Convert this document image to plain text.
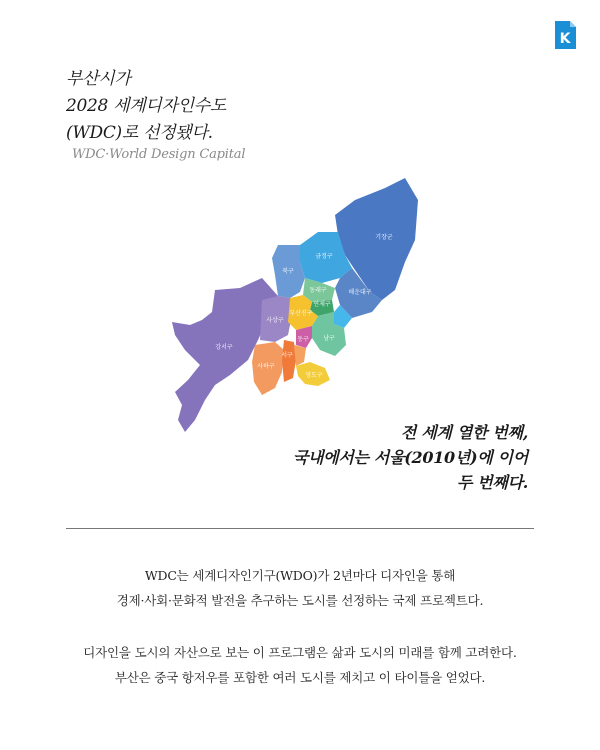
K
부산시가
2028 세계디자인수도
(WDC)로 선정됐다.
WDC·World Design Capital
기장군
금정구
북구
해운대구
동래구
연제구
부산진구
사상구
강서구
사하구
동구 남구
서구
영도구
전 세계 열한 번째,
국내에서는 서울(2010년)에 이어
두 번째다.
WDC는 세계디자인기구(WDO)가 2년마다 디자인을 통해
경제·사회·문화적 발전을 추구하는 도시를 선정하는 국제 프로젝트다.
디자인을 도시의 자산으로 보는 이 프로그램은 삶과 도시의 미래를 함께 고려한다.
부산은 중국 항저우를 포함한 여러 도시를 제치고 이 타이틀을 얻었다.
